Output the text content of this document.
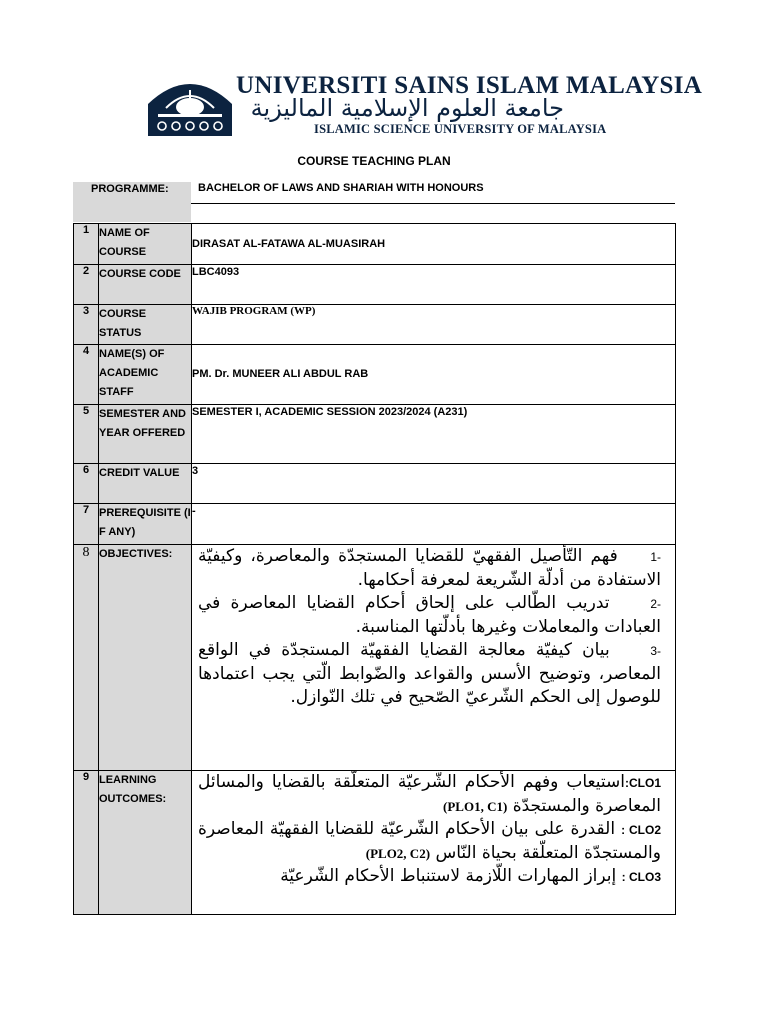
UNIVERSITI SAINS ISLAM MALAYSIA
جامعة العلوم الإسلامية الماليزية
ISLAMIC SCIENCE UNIVERSITY OF MALAYSIA
COURSE TEACHING PLAN
PROGRAMME:	BACHELOR OF LAWS AND SHARIAH WITH HONOURS
1	NAME OF COURSE	DIRASAT AL-FATAWA AL-MUASIRAH

2	COURSE CODE	LBC4093
3	COURSE STATUS	WAJIB PROGRAM (WP)
4	NAME(S) OF ACADEMIC STAFF	PM. Dr. MUNEER ALI ABDUL RAB

5	SEMESTER AND YEAR OFFERED	SEMESTER I, ACADEMIC SESSION 2023/2024 (A231)
6	CREDIT VALUE	3
7	PREREQUISITE (IF ANY)	-
8	OBJECTIVES:	-1    فهم التّأصيل الفقهيّ للقضايا المستجدّة والمعاصرة، وكيفيّة الاستفادة من أدلّة الشّريعة لمعرفة أحكامها.

-2    تدريب الطّالب على إلحاق أحكام القضايا المعاصرة في العبادات والمعاملات وغيرها بأدلّتها المناسبة.

-3    بيان كيفيّة معالجة القضايا الفقهيّة المستجدّة في الواقع المعاصر، وتوضيح الأسس والقواعد والضّوابط الّتي يجب اعتمادها للوصول إلى الحكم الشّرعيّ الصّحيح في تلك النّوازل.

9	LEARNING OUTCOMES:	CLO1:استيعاب وفهم الأحكام الشّرعيّة المتعلّقة بالقضايا والمسائل المعاصرة والمستجدّة (PLO1, C1)

CLO2 : القدرة على بيان الأحكام الشّرعيّة للقضايا الفقهيّة المعاصرة والمستجدّة المتعلّقة بحياة النّاس (PLO2, C2)

CLO3 : إبراز المهارات اللّازمة لاستنباط الأحكام الشّرعيّة
